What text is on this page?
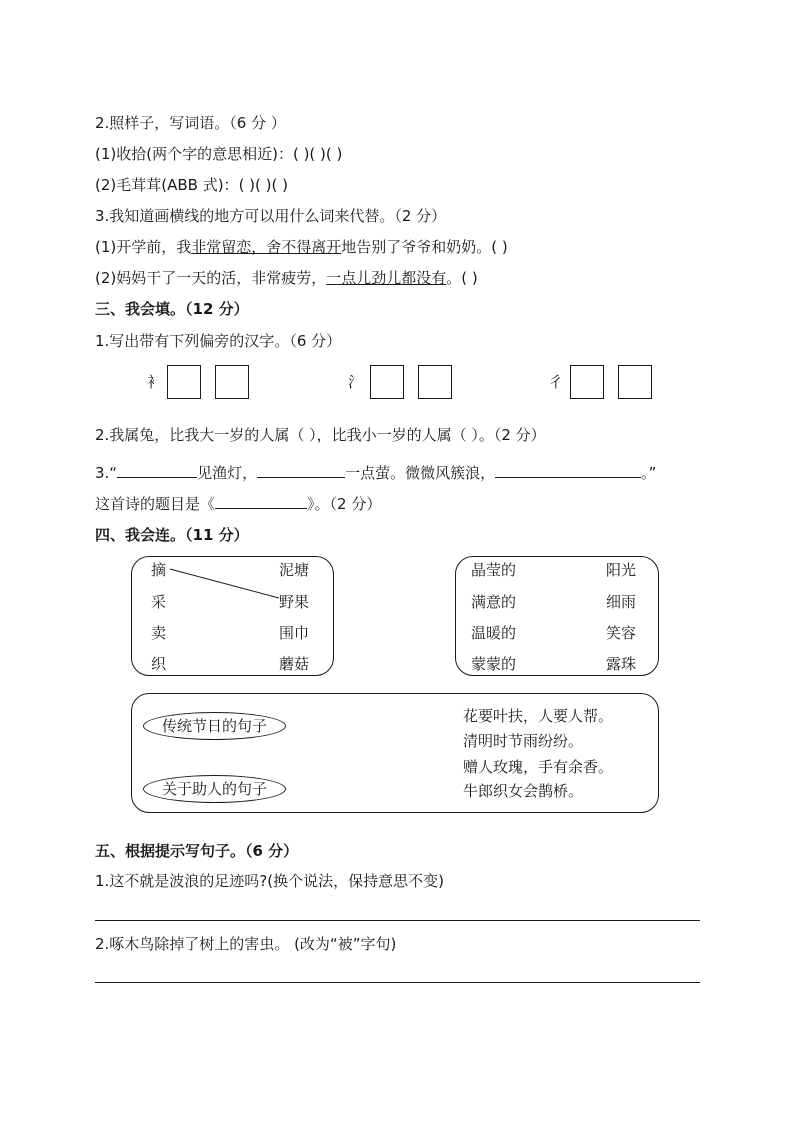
2.照样子，写词语。（6 分 ）
(1)收拾(两个字的意思相近)：( )( )( )
(2)毛茸茸(ABB 式)：( )( )( )
3.我知道画横线的地方可以用什么词来代替。（2 分）
(1)开学前，我非常留恋，舍不得离开地告别了爷爷和奶奶。( )
(2)妈妈干了一天的活，非常疲劳，一点儿劲儿都没有。( )
三、我会填。（12 分）
1.写出带有下列偏旁的汉字。（6 分）
衤	氵	彳
2.我属兔，比我大一岁的人属（ ），比我小一岁的人属（ ）。（2 分）
3.“	见渔灯，	一点萤。微微风簇浪，	。”
这首诗的题目是《	》。（2 分）
四、我会连。（11 分）
摘
采
卖
织
泥塘
野果
围巾
蘑菇
晶莹的
满意的
温暖的
蒙蒙的
阳光
细雨
笑容
露珠
传统节日的句子
关于助人的句子
花要叶扶，人要人帮。
清明时节雨纷纷。
赠人玫瑰，手有余香。
牛郎织女会鹊桥。
五、根据提示写句子。（6 分）
1.这不就是波浪的足迹吗?(换个说法，保持意思不变)
2.啄木鸟除掉了树上的害虫。 (改为“被”字句)
